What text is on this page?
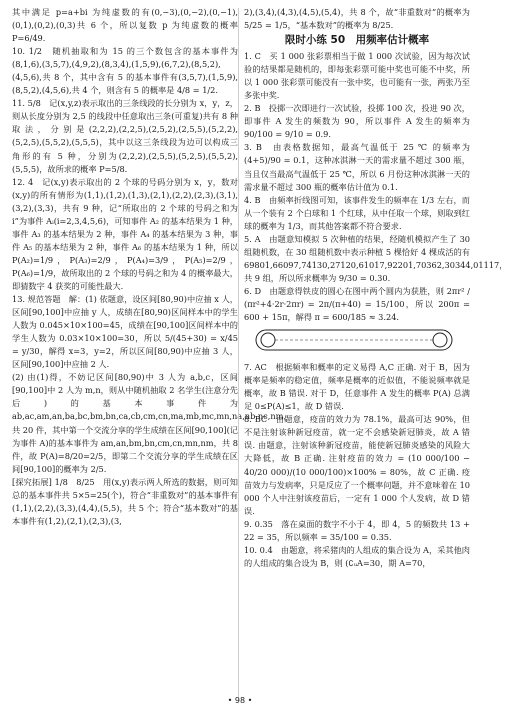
其中满足 p=a+bi 为纯虚数的有(0,−3),(0,−2),(0,−1),(0,1),(0,2),(0,3)共 6 个，所以复数 p 为纯虚数的概率 P=6/49.

10. 1/2　随机抽取和为 15 的三个数包含的基本事件为 (8,1,6),(3,5,7),(4,9,2),(8,3,4),(1,5,9),(6,7,2),(8,5,2),(4,5,6),共 8 个，其中含有 5 的基本事件有(3,5,7),(1,5,9),(8,5,2),(4,5,6),共 4 个，则含有 5 的概率是 4/8 = 1/2.

11. 5/8　记(x,y,z)表示取出的三条线段的长分别为 x，y，z，则从长度分别为 2,5 的线段中任意取出三条(可重复)共有 8 种取法，分别是(2,2,2),(2,2,5),(2,5,2),(2,5,5),(5,2,2),(5,2,5),(5,5,2),(5,5,5)，其中以这三条线段为边可以构成三角形的有 5 种，分别为(2,2,2),(2,5,5),(5,2,5),(5,5,2),(5,5,5)，故所求的概率 P=5/8.

12. 4　记(x,y)表示取出的 2 个球的号码分别为 x，y，数对(x,y)的所有情形为(1,1),(1,2),(1,3),(2,1),(2,2),(2,3),(3,1),(3,2),(3,3)，共有 9 种，记“所取出的 2 个球的号码之和为 i”为事件 Aᵢ(i=2,3,4,5,6)，可知事件 A₂ 的基本结果为 1 种，事件 A₃ 的基本结果为 2 种，事件 A₄ 的基本结果为 3 种，事件 A₅ 的基本结果为 2 种，事件 A₆ 的基本结果为 1 种，所以 P(A₂)=1/9，P(A₃)=2/9，P(A₄)=3/9，P(A₅)=2/9，P(A₆)=1/9，故所取出的 2 个球的号码之和为 4 的概率最大，即猜数字 4 获奖的可能性最大.

13. 规范答题　解：(1) 依题意，设区间[80,90)中应抽 x 人，区间[90,100]中应抽 y 人，成绩在[80,90)区间样本中的学生人数为 0.045×10×100=45，成绩在[90,100]区间样本中的学生人数为 0.03×10×100=30，所以 5/(45+30) = x/45 = y/30，解得 x=3，y=2，所以区间[80,90)中应抽 3 人，区间[90,100]中应抽 2 人.

(2) 由(1)得，不妨记区间[80,90)中 3 人为 a,b,c，区间[90,100]中 2 人为 m,n，则从中随机抽取 2 名学生(注意分先后)的基本事件为 ab,ac,am,an,ba,bc,bm,bn,ca,cb,cm,cn,ma,mb,mc,mn,na,nb,nc,nm，共 20 件，其中第一个交流分享的学生成绩在区间[90,100](记为事件 A)的基本事件为 am,an,bm,bn,cm,cn,mn,nm，共 8 件，故 P(A)=8/20=2/5，即第二个交流分享的学生成绩在区间[90,100]的概率为 2/5.

[探究拓展] 1/8　8/25　用(x,y)表示两人所选的数据，则可知总的基本事件共 5×5=25(个)，符合“非重数对”的基本事件有(1,1),(2,2),(3,3),(4,4),(5,5)，共 5 个；符合“基本数对”的基本事件有(1,2),(2,1),(2,3),(3,

2),(3,4),(4,3),(4,5),(5,4)，共 8 个，故“非重数对”的概率为 5/25 = 1/5，“基本数对”的概率为 8/25.

限时小练 50　用频率估计概率

1. C　买 1 000 张彩票相当于做 1 000 次试验，因为每次试验的结果都是随机的，即每张彩票可能中奖也可能不中奖，所以 1 000 张彩票可能没有一张中奖，也可能有一张，两张乃至多张中奖.

2. B　投掷一次即进行一次试验，投掷 100 次，投进 90 次，即事件 A 发生的频数为 90，所以事件 A 发生的频率为 90/100 = 9/10 = 0.9.

3. B　由表格数据知，最高气温低于 25 ℃ 的频率为 (4+5)/90 = 0.1，这种冰淇淋一天的需求量不超过 300 瓶，当且仅当最高气温低于 25 ℃，所以 6 月份这种冰淇淋一天的需求量不超过 300 瓶的概率估计值为 0.1.

4. B　由频率折线图可知，该事件发生的频率在 1/3 左右，而从一个装有 2 个白球和 1 个红球，从中任取一个球，则取到红球的概率为 1/3，而其他答案都不符合要求.

5. A　由题意知模拟 5 次种植的结果，经随机模拟产生了 30 组随机数，在 30 组随机数中表示种植 5 棵恰好 4 棵成活的有 69801,66097,74130,27120,61017,92201,70362,30344,01117，共 9 组，所以所求概率为 9/30 = 0.30.

6. D　由题意得铁皮的圆心在图中两个圆内为获胜，则 2πr² / (πr²+4·2r·2πr) = 2π/(π+40) = 15/100，所以 200π = 600 + 15π，解得 π = 600/185 ≈ 3.24.

7. AC　根据频率和概率的定义易得 A,C 正确. 对于 B，因为概率是频率的稳定值，频率是概率的近似值，不能说频率就是概率，故 B 错误. 对于 D，任意事件 A 发生的概率 P(A) 总满足 0≤P(A)≤1，故 D 错误.

8. BC　由题意，疫苗的效力为 78.1%，最高可达 90%，但不是注射该种新冠疫苗，就一定不会感染新冠肺炎，故 A 错误. 由题意，注射该种新冠疫苗，能使新冠肺炎感染的风险大大降低，故 B 正确. 注射疫苗的效力 = (10 000/100 − 40/20 000)/(10 000/100)×100% = 80%，故 C 正确. 疫苗效力与发病率，只是反应了一个概率问题，并不意味着在 10 000 个人中注射该疫苗后，一定有 1 000 个人发病，故 D 错误.

9. 0.35　落在桌面的数字不小于 4，即 4，5 的频数共 13 + 22 = 35，所以频率 = 35/100 = 0.35.

10. 0.4　由题意，将采猪肉的人组成的集合设为 A，采其他肉的人组成的集合设为 B，则 (∁ᵤA=30，期 A=70，

• 98 •
